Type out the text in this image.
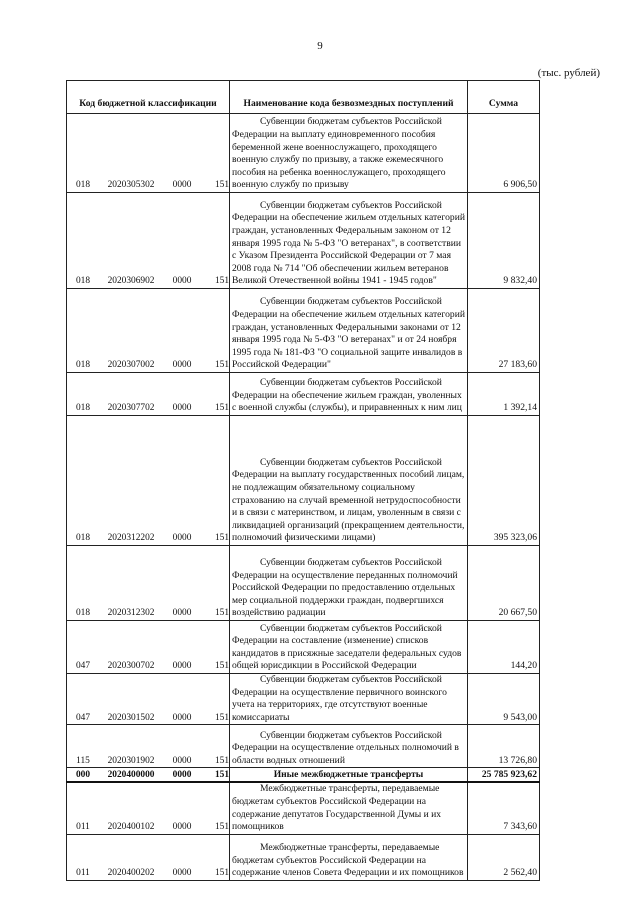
9
(тыс. рублей)
Код бюджетной классификации	Наименование кода безвозмездных поступлений	Сумма
018 2020305302 0000 151	Субвенции бюджетам субъектов Российской Федерации на выплату единовременного пособия беременной жене военнослужащего, проходящего военную службу по призыву, а также ежемесячного пособия на ребенка военнослужащего, проходящего военную службу по призыву	6 906,50
018 2020306902 0000 151	Субвенции бюджетам субъектов Российской Федерации на обеспечение жильем отдельных категорий граждан, установленных Федеральным законом от 12 января 1995 года № 5-ФЗ "О ветеранах", в соответствии с Указом Президента Российской Федерации от 7 мая 2008 года № 714 "Об обеспечении жильем ветеранов Великой Отечественной войны 1941 - 1945 годов"	9 832,40
018 2020307002 0000 151	Субвенции бюджетам субъектов Российской Федерации на обеспечение жильем отдельных категорий граждан, установленных Федеральными законами от 12 января 1995 года № 5-ФЗ "О ветеранах" и от 24 ноября 1995 года № 181-ФЗ "О социальной защите инвалидов в Российской Федерации"	27 183,60
018 2020307702 0000 151	Субвенции бюджетам субъектов Российской Федерации на обеспечение жильем граждан, уволенных с военной службы (службы), и приравненных к ним лиц	1 392,14
018 2020312202 0000 151	Субвенции бюджетам субъектов Российской Федерации на выплату государственных пособий лицам, не подлежащим обязательному социальному страхованию на случай временной нетрудоспособности и в связи с материнством, и лицам, уволенным в связи с ликвидацией организаций (прекращением деятельности, полномочий физическими лицами)	395 323,06
018 2020312302 0000 151	Субвенции бюджетам субъектов Российской Федерации на осуществление переданных полномочий Российской Федерации по предоставлению отдельных мер социальной поддержки граждан, подвергшихся воздействию радиации	20 667,50
047 2020300702 0000 151	Субвенции бюджетам субъектов Российской Федерации на составление (изменение) списков кандидатов в присяжные заседатели федеральных судов общей юрисдикции в Российской Федерации	144,20
047 2020301502 0000 151	Субвенции бюджетам субъектов Российской Федерации на осуществление первичного воинского учета на территориях, где отсутствуют военные комиссариаты	9 543,00
115 2020301902 0000 151	Субвенции бюджетам субъектов Российской Федерации на осуществление отдельных полномочий в области водных отношений	13 726,80
000 2020400000 0000 151	Иные межбюджетные трансферты	25 785 923,62
011 2020400102 0000 151	Межбюджетные трансферты, передаваемые бюджетам субъектов Российской Федерации на содержание депутатов Государственной Думы и их помощников	7 343,60
011 2020400202 0000 151	Межбюджетные трансферты, передаваемые бюджетам субъектов Российской Федерации на содержание членов Совета Федерации и их помощников	2 562,40
